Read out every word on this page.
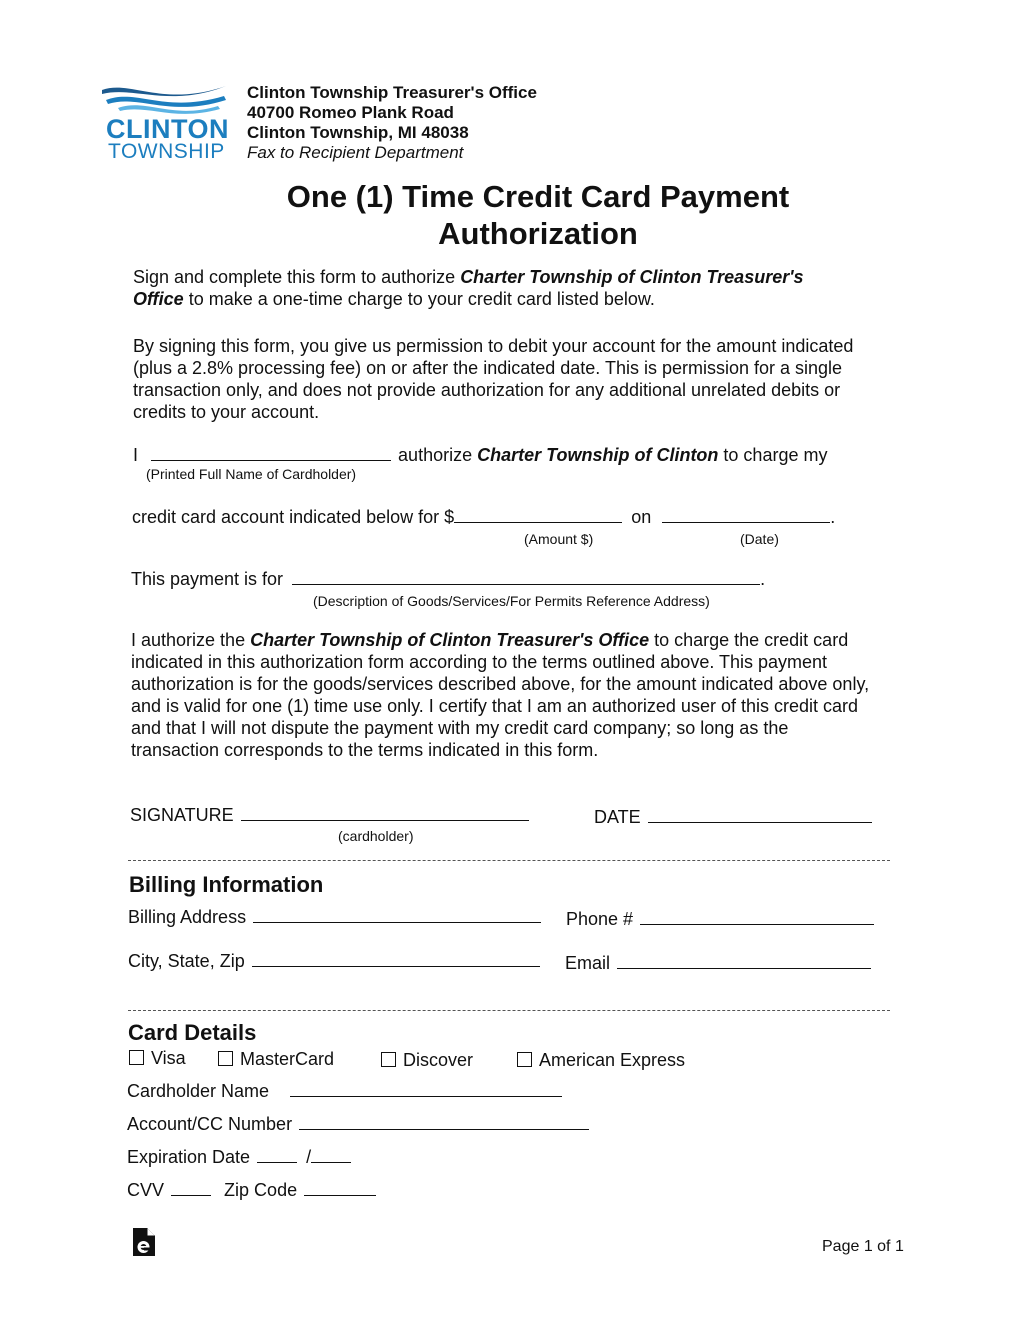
CLINTON
TOWNSHIP
Clinton Township Treasurer's Office
40700 Romeo Plank Road
Clinton Township, MI 48038
Fax to Recipient Department
One (1) Time Credit Card Payment
Authorization
Sign and complete this form to authorize Charter Township of Clinton Treasurer's
Office to make a one-time charge to your credit card listed below.
By signing this form, you give us permission to debit your account for the amount indicated (plus a 2.8% processing fee) on or after the indicated date. This is permission for a single transaction only, and does not provide authorization for any additional unrelated debits or credits to your account.
I	authorize Charter Township of Clinton to charge my
(Printed Full Name of Cardholder)
credit card account indicated below for $	on	.
(Amount $)	(Date)
This payment is for	.
(Description of Goods/Services/For Permits Reference Address)
I authorize the Charter Township of Clinton Treasurer's Office to charge the credit card indicated in this authorization form according to the terms outlined above. This payment authorization is for the goods/services described above, for the amount indicated above only, and is valid for one (1) time use only. I certify that I am an authorized user of this credit card and that I will not dispute the payment with my credit card company; so long as the transaction corresponds to the terms indicated in this form.
SIGNATURE
(cardholder)
DATE
Billing Information
Billing Address	Phone #
City, State, Zip	Email
Card Details
Visa	MasterCard	Discover	American Express
Cardholder Name
Account/CC Number
Expiration Date	/
CVV	Zip Code
Page 1 of 1
